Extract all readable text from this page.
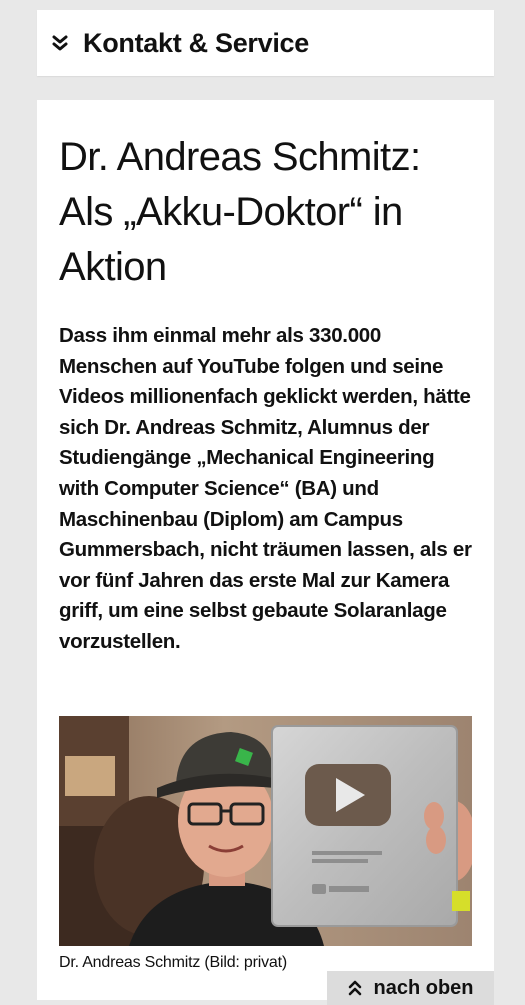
Kontakt & Service
Dr. Andreas Schmitz: Als „Akku-Doktor“ in Aktion

Dass ihm einmal mehr als 330.000 Menschen auf YouTube folgen und seine Videos millionenfach geklickt werden, hätte sich Dr. Andreas Schmitz, Alumnus der Studiengänge „Mechanical Engineering with Computer Science“ (BA) und Maschinenbau (Diplom) am Campus Gummersbach, nicht träumen lassen, als er vor fünf Jahren das erste Mal zur Kamera griff, um eine selbst gebaute Solaranlage vorzustellen.

Dr. Andreas Schmitz (Bild: privat)
nach oben
